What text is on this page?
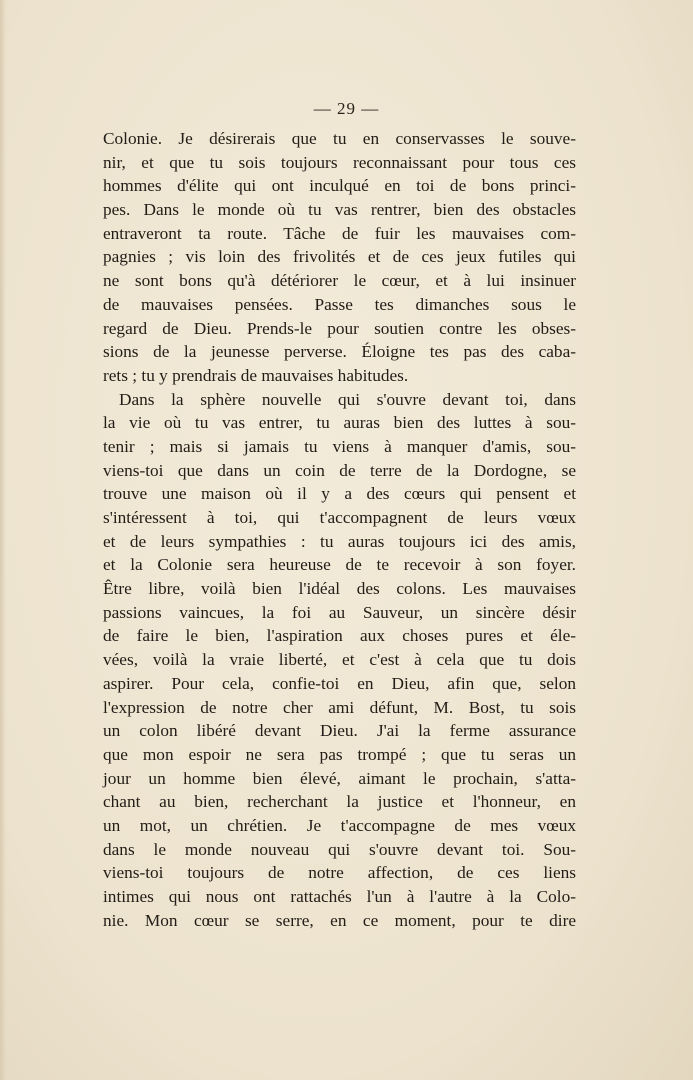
— 29 —
Colonie. Je désirerais que tu en conservasses le souve-
nir, et que tu sois toujours reconnaissant pour tous ces
hommes d'élite qui ont inculqué en toi de bons princi-
pes. Dans le monde où tu vas rentrer, bien des obstacles
entraveront ta route. Tâche de fuir les mauvaises com-
pagnies ; vis loin des frivolités et de ces jeux futiles qui
ne sont bons qu'à détériorer le cœur, et à lui insinuer
de mauvaises pensées. Passe tes dimanches sous le
regard de Dieu. Prends-le pour soutien contre les obses-
sions de la jeunesse perverse. Éloigne tes pas des caba-
rets ; tu y prendrais de mauvaises habitudes.
Dans la sphère nouvelle qui s'ouvre devant toi, dans
la vie où tu vas entrer, tu auras bien des luttes à sou-
tenir ; mais si jamais tu viens à manquer d'amis, sou-
viens-toi que dans un coin de terre de la Dordogne, se
trouve une maison où il y a des cœurs qui pensent et
s'intéressent à toi, qui t'accompagnent de leurs vœux
et de leurs sympathies : tu auras toujours ici des amis,
et la Colonie sera heureuse de te recevoir à son foyer.
Être libre, voilà bien l'idéal des colons. Les mauvaises
passions vaincues, la foi au Sauveur, un sincère désir
de faire le bien, l'aspiration aux choses pures et éle-
vées, voilà la vraie liberté, et c'est à cela que tu dois
aspirer. Pour cela, confie-toi en Dieu, afin que, selon
l'expression de notre cher ami défunt, M. Bost, tu sois
un colon libéré devant Dieu. J'ai la ferme assurance
que mon espoir ne sera pas trompé ; que tu seras un
jour un homme bien élevé, aimant le prochain, s'atta-
chant au bien, recherchant la justice et l'honneur, en
un mot, un chrétien. Je t'accompagne de mes vœux
dans le monde nouveau qui s'ouvre devant toi. Sou-
viens-toi toujours de notre affection, de ces liens
intimes qui nous ont rattachés l'un à l'autre à la Colo-
nie. Mon cœur se serre, en ce moment, pour te dire
